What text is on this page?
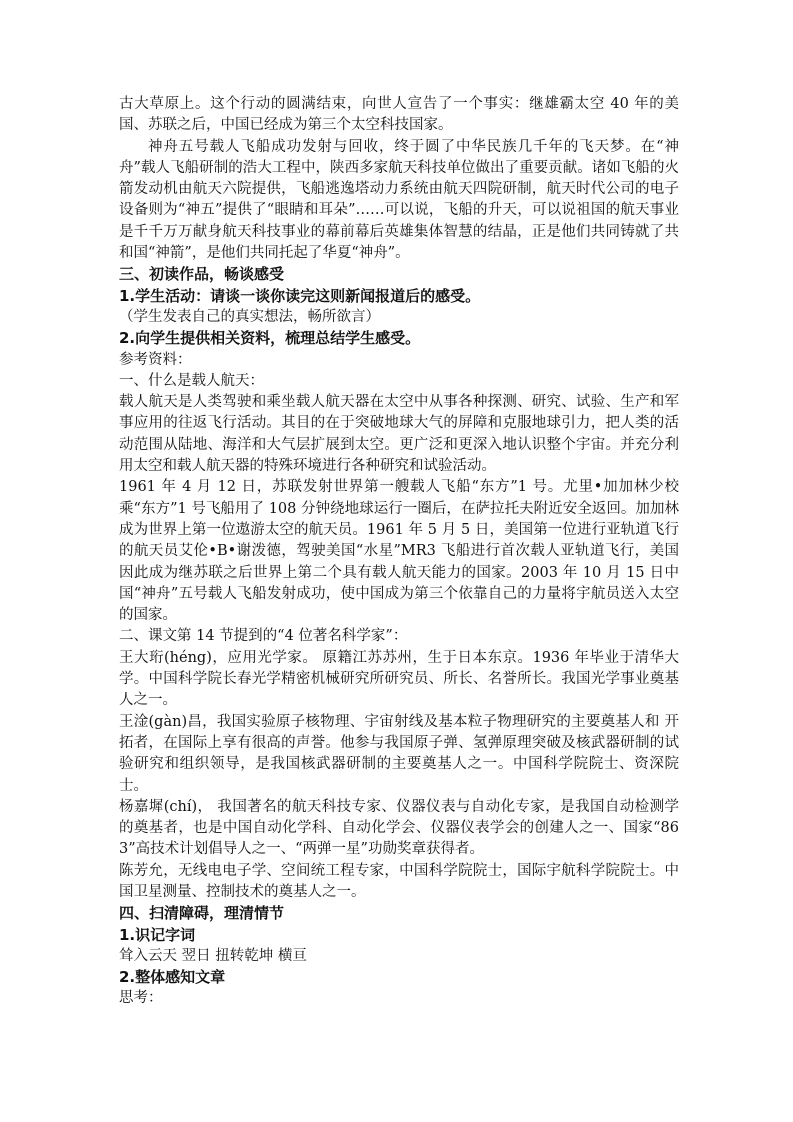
古大草原上。这个行动的圆满结束，向世人宣告了一个事实：继雄霸太空 40 年的美国、苏联之后，中国已经成为第三个太空科技国家。

神舟五号载人飞船成功发射与回收，终于圆了中华民族几千年的飞天梦。在“神舟”载人飞船研制的浩大工程中，陕西多家航天科技单位做出了重要贡献。诸如飞船的火箭发动机由航天六院提供，飞船逃逸塔动力系统由航天四院研制，航天时代公司的电子设备则为“神五”提供了“眼睛和耳朵”……可以说，飞船的升天，可以说祖国的航天事业是千千万万献身航天科技事业的幕前幕后英雄集体智慧的结晶，正是他们共同铸就了共和国“神箭”，是他们共同托起了华夏“神舟”。

三、初读作品，畅谈感受

1.学生活动：请谈一谈你读完这则新闻报道后的感受。

（学生发表自己的真实想法，畅所欲言）

2.向学生提供相关资料，梳理总结学生感受。

参考资料：

一、什么是载人航天：

载人航天是人类驾驶和乘坐载人航天器在太空中从事各种探测、研究、试验、生产和军事应用的往返飞行活动。其目的在于突破地球大气的屏障和克服地球引力，把人类的活动范围从陆地、海洋和大气层扩展到太空。更广泛和更深入地认识整个宇宙。并充分利用太空和载人航天器的特殊环境进行各种研究和试验活动。

1961 年 4 月 12 日，苏联发射世界第一艘载人飞船“东方”1 号。尤里•加加林少校乘“东方”1 号飞船用了 108 分钟绕地球运行一圈后，在萨拉托夫附近安全返回。加加林成为世界上第一位遨游太空的航天员。1961 年 5 月 5 日，美国第一位进行亚轨道飞行的航天员艾伦•B•谢泼德，驾驶美国“水星”MR3 飞船进行首次载人亚轨道飞行，美国因此成为继苏联之后世界上第二个具有载人航天能力的国家。2003 年 10 月 15 日中国“神舟”五号载人飞船发射成功，使中国成为第三个依靠自己的力量将宇航员送入太空的国家。

二、课文第 14 节提到的“4 位著名科学家”：

王大珩(héng)，应用光学家。 原籍江苏苏州，生于日本东京。1936 年毕业于清华大学。中国科学院长春光学精密机械研究所研究员、所长、名誉所长。我国光学事业奠基人之一。

王淦(gàn)昌，我国实验原子核物理、宇宙射线及基本粒子物理研究的主要奠基人和 开拓者，在国际上享有很高的声誉。他参与我国原子弹、氢弹原理突破及核武器研制的试验研究和组织领导，是我国核武器研制的主要奠基人之一。中国科学院院士、资深院士。

杨嘉墀(chí)， 我国著名的航天科技专家、仪器仪表与自动化专家，是我国自动检测学的奠基者，也是中国自动化学科、自动化学会、仪器仪表学会的创建人之一、国家“863”高技术计划倡导人之一、“两弹一星”功勋奖章获得者。

陈芳允，无线电电子学、空间统工程专家，中国科学院院士，国际宇航科学院院士。中国卫星测量、控制技术的奠基人之一。

四、扫清障碍，理清情节

1.识记字词

耸入云天 翌日 扭转乾坤 横亘

2.整体感知文章

思考：
